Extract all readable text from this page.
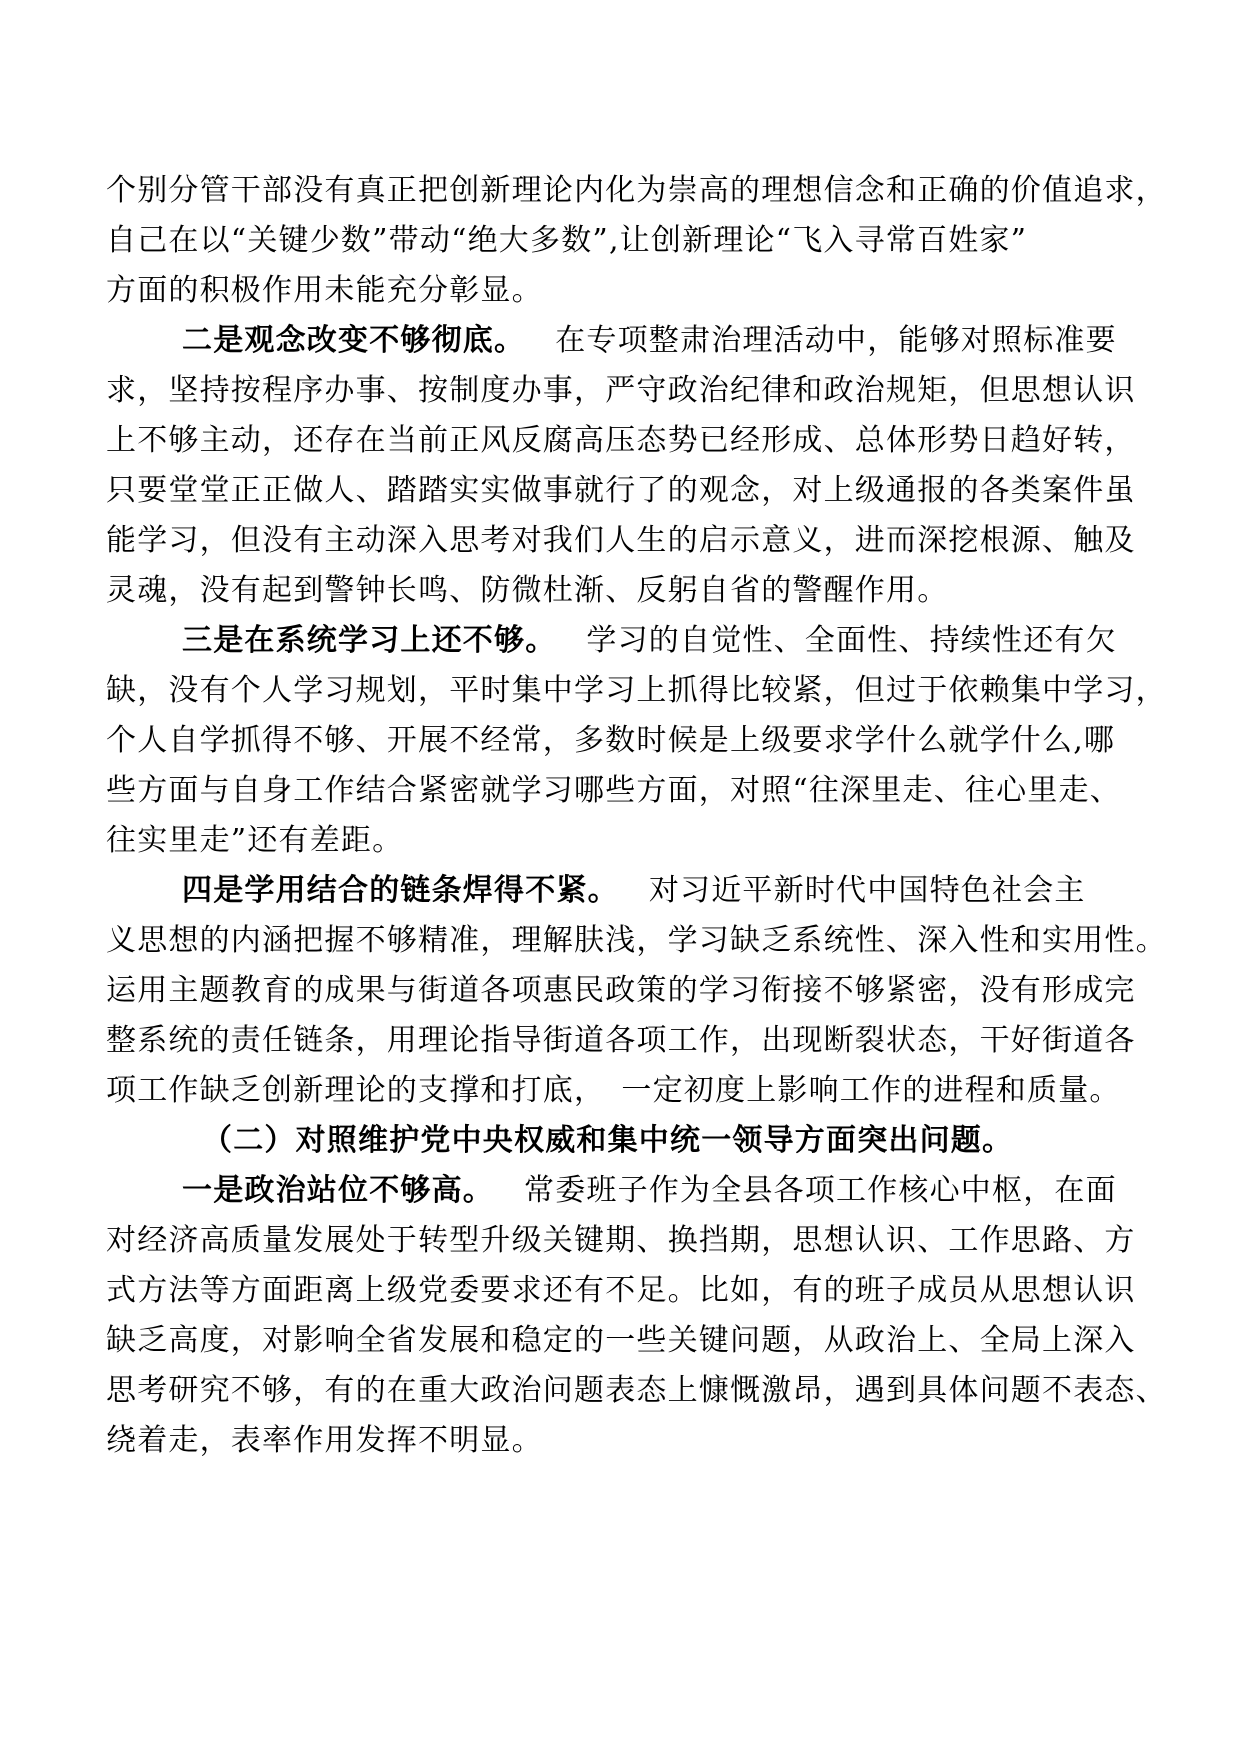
个别分管干部没有真正把创新理论内化为崇高的理想信念和正确的价值追求，
自己在以“关键少数”带动“绝大多数”,让创新理论“飞入寻常百姓家”
方面的积极作用未能充分彰显。
二是观念改变不够彻底。 在专项整肃治理活动中，能够对照标准要
求，坚持按程序办事、按制度办事，严守政治纪律和政治规矩，但思想认识
上不够主动，还存在当前正风反腐高压态势已经形成、总体形势日趋好转，
只要堂堂正正做人、踏踏实实做事就行了的观念，对上级通报的各类案件虽
能学习，但没有主动深入思考对我们人生的启示意义，进而深挖根源、触及
灵魂，没有起到警钟长鸣、防微杜渐、反躬自省的警醒作用。
三是在系统学习上还不够。 学习的自觉性、全面性、持续性还有欠
缺，没有个人学习规划，平时集中学习上抓得比较紧，但过于依赖集中学习，
个人自学抓得不够、开展不经常，多数时候是上级要求学什么就学什么,哪
些方面与自身工作结合紧密就学习哪些方面，对照“往深里走、往心里走、
往实里走”还有差距。
四是学用结合的链条焊得不紧。 对习近平新时代中国特色社会主
义思想的内涵把握不够精准，理解肤浅，学习缺乏系统性、深入性和实用性。
运用主题教育的成果与街道各项惠民政策的学习衔接不够紧密，没有形成完
整系统的责任链条，用理论指导街道各项工作，出现断裂状态，干好街道各
项工作缺乏创新理论的支撑和打底，　一定初度上影响工作的进程和质量。
（二）对照维护党中央权威和集中统一领导方面突出问题。
一是政治站位不够高。 常委班子作为全县各项工作核心中枢，在面
对经济高质量发展处于转型升级关键期、换挡期，思想认识、工作思路、方
式方法等方面距离上级党委要求还有不足。比如，有的班子成员从思想认识
缺乏高度，对影响全省发展和稳定的一些关键问题，从政治上、全局上深入
思考研究不够，有的在重大政治问题表态上慷慨激昂，遇到具体问题不表态、
绕着走，表率作用发挥不明显。
